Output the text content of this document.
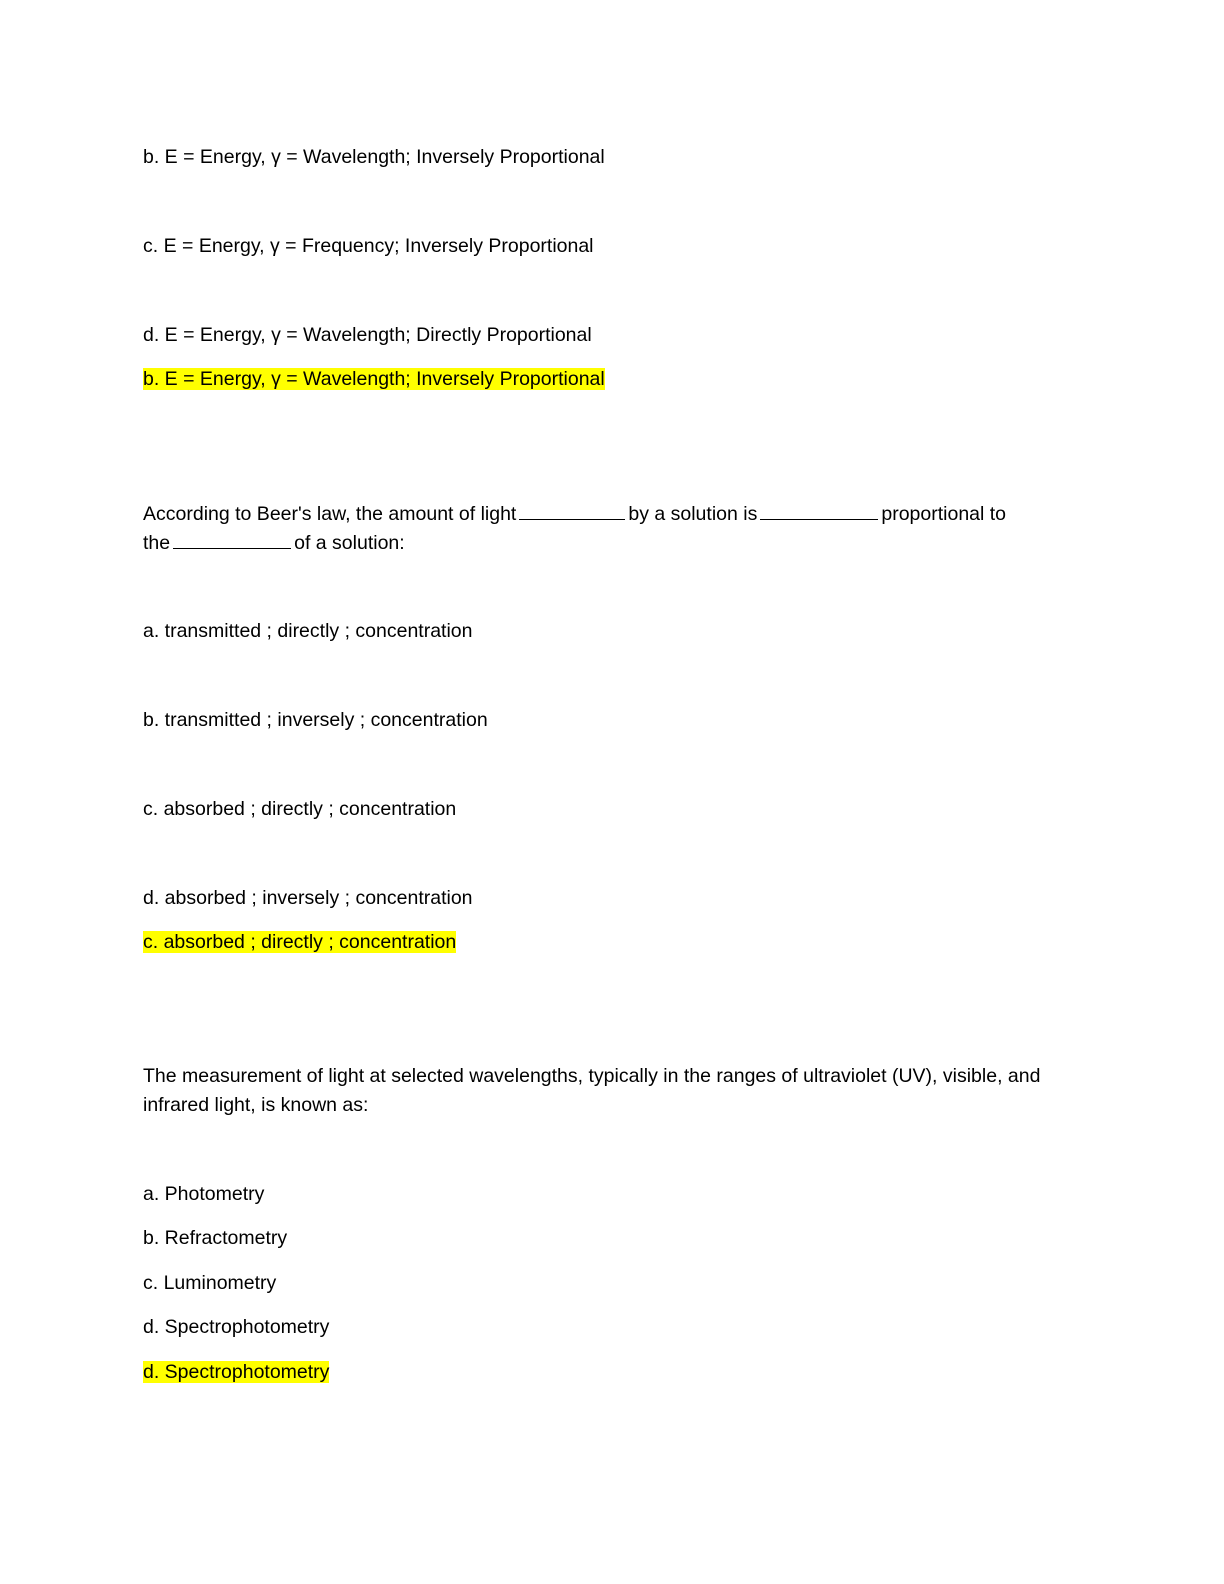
b. E = Energy, γ = Wavelength; Inversely Proportional
c. E = Energy, γ = Frequency; Inversely Proportional
d. E = Energy, γ = Wavelength; Directly Proportional
b. E = Energy, γ = Wavelength; Inversely Proportional
According to Beer's law, the amount of light	by a solution is	proportional to
the	of a solution:
a. transmitted ; directly ; concentration
b. transmitted ; inversely ; concentration
c. absorbed ; directly ; concentration
d. absorbed ; inversely ; concentration
c. absorbed ; directly ; concentration
The measurement of light at selected wavelengths, typically in the ranges of ultraviolet (UV), visible, and
infrared light, is known as:
a. Photometry
b. Refractometry
c. Luminometry
d. Spectrophotometry
d. Spectrophotometry
